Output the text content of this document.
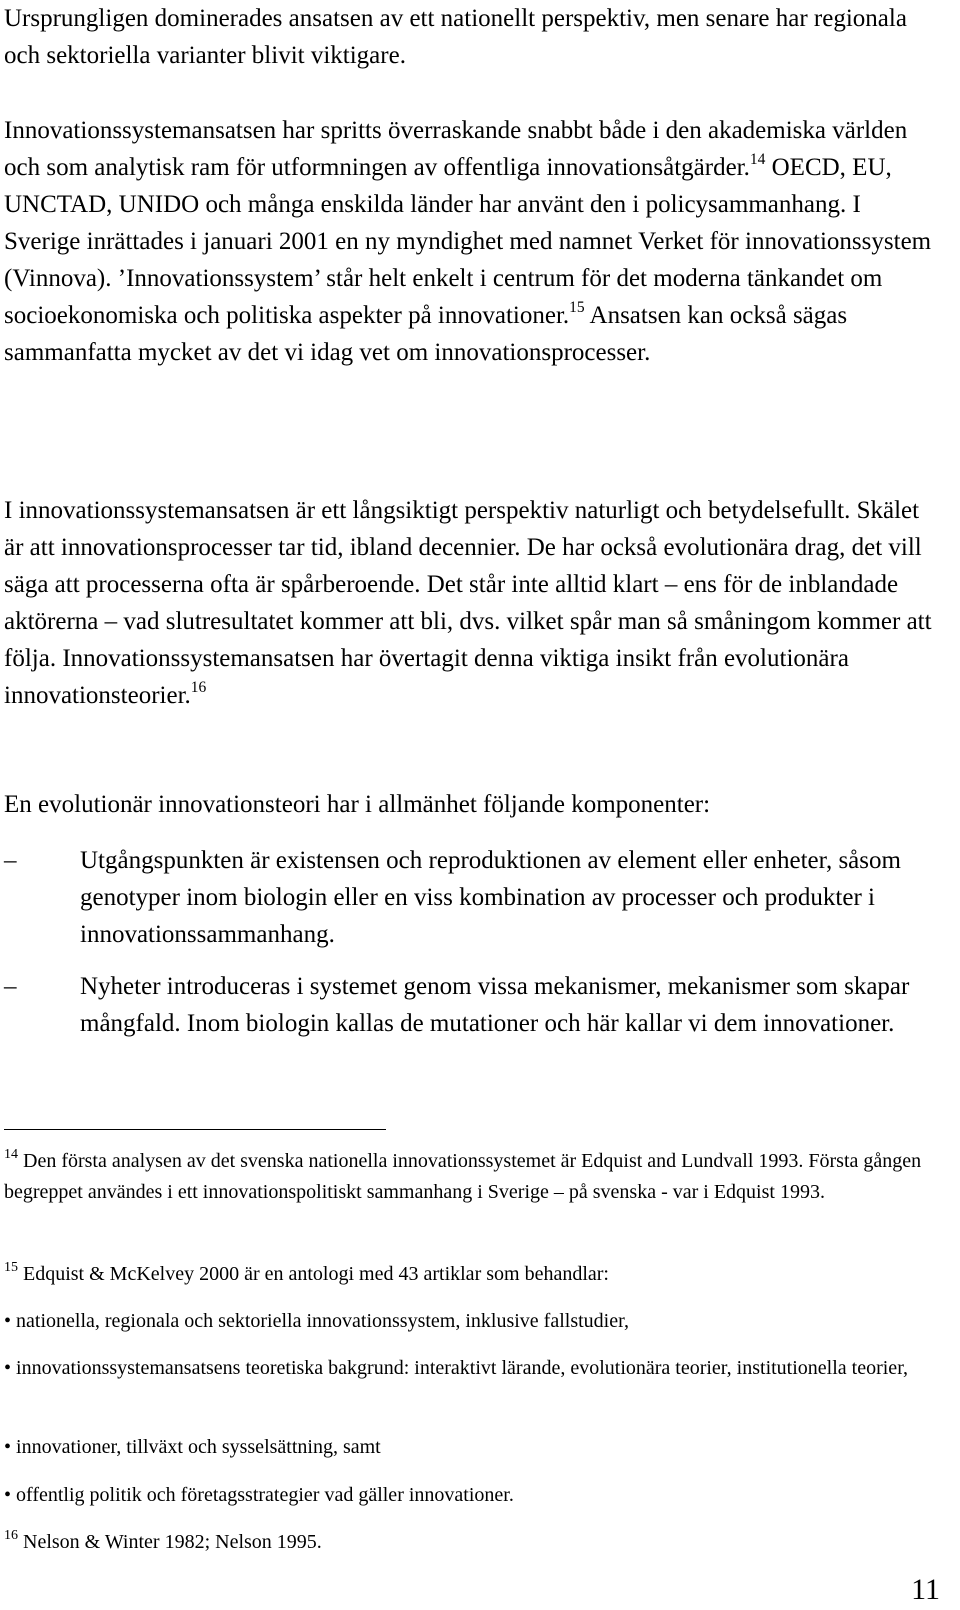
Ursprungligen dominerades ansatsen av ett nationellt perspektiv, men senare har regionala och sektoriella varianter blivit viktigare.

Innovationssystemansatsen har spritts överraskande snabbt både i den akademiska världen och som analytisk ram för utformningen av offentliga innovationsåtgärder.$^{14}$ OECD, EU, UNCTAD, UNIDO och många enskilda länder har använt den i policysammanhang. I Sverige inrättades i januari 2001 en ny myndighet med namnet Verket för innovationssystem (Vinnova). ’Innovationssystem’ står helt enkelt i centrum för det moderna tänkandet om socioekonomiska och politiska aspekter på innovationer.$^{15}$ Ansatsen kan också sägas sammanfatta mycket av det vi idag vet om innovationsprocesser.

I innovationssystemansatsen är ett långsiktigt perspektiv naturligt och betydelsefullt. Skälet är att innovationsprocesser tar tid, ibland decennier. De har också evolutionära drag, det vill säga att processerna ofta är spårberoende. Det står inte alltid klart – ens för de inblandade aktörerna – vad slutresultatet kommer att bli, dvs. vilket spår man så småningom kommer att följa. Innovationssystemansatsen har övertagit denna viktiga insikt från evolutionära innovationsteorier.$^{16}$

En evolutionär innovationsteori har i allmänhet följande komponenter:

–	Utgångspunkten är existensen och reproduktionen av element eller enheter, såsom genotyper inom biologin eller en viss kombination av processer och produkter i innovationssammanhang.
–	Nyheter introduceras i systemet genom vissa mekanismer, mekanismer som skapar mångfald. Inom biologin kallas de mutationer och här kallar vi dem innovationer.

$^{14}$ Den första analysen av det svenska nationella innovationssystemet är Edquist and Lundvall 1993. Första gången begreppet användes i ett innovationspolitiskt sammanhang i Sverige – på svenska - var i Edquist 1993.

$^{15}$ Edquist & McKelvey 2000 är en antologi med 43 artiklar som behandlar:

• nationella, regionala och sektoriella innovationssystem, inklusive fallstudier,
• innovationssystemansatsens teoretiska bakgrund: interaktivt lärande, evolutionära teorier, institutionella teorier,
• innovationer, tillväxt och sysselsättning, samt
• offentlig politik och företagsstrategier vad gäller innovationer.

$^{16}$ Nelson & Winter 1982; Nelson 1995.

11
